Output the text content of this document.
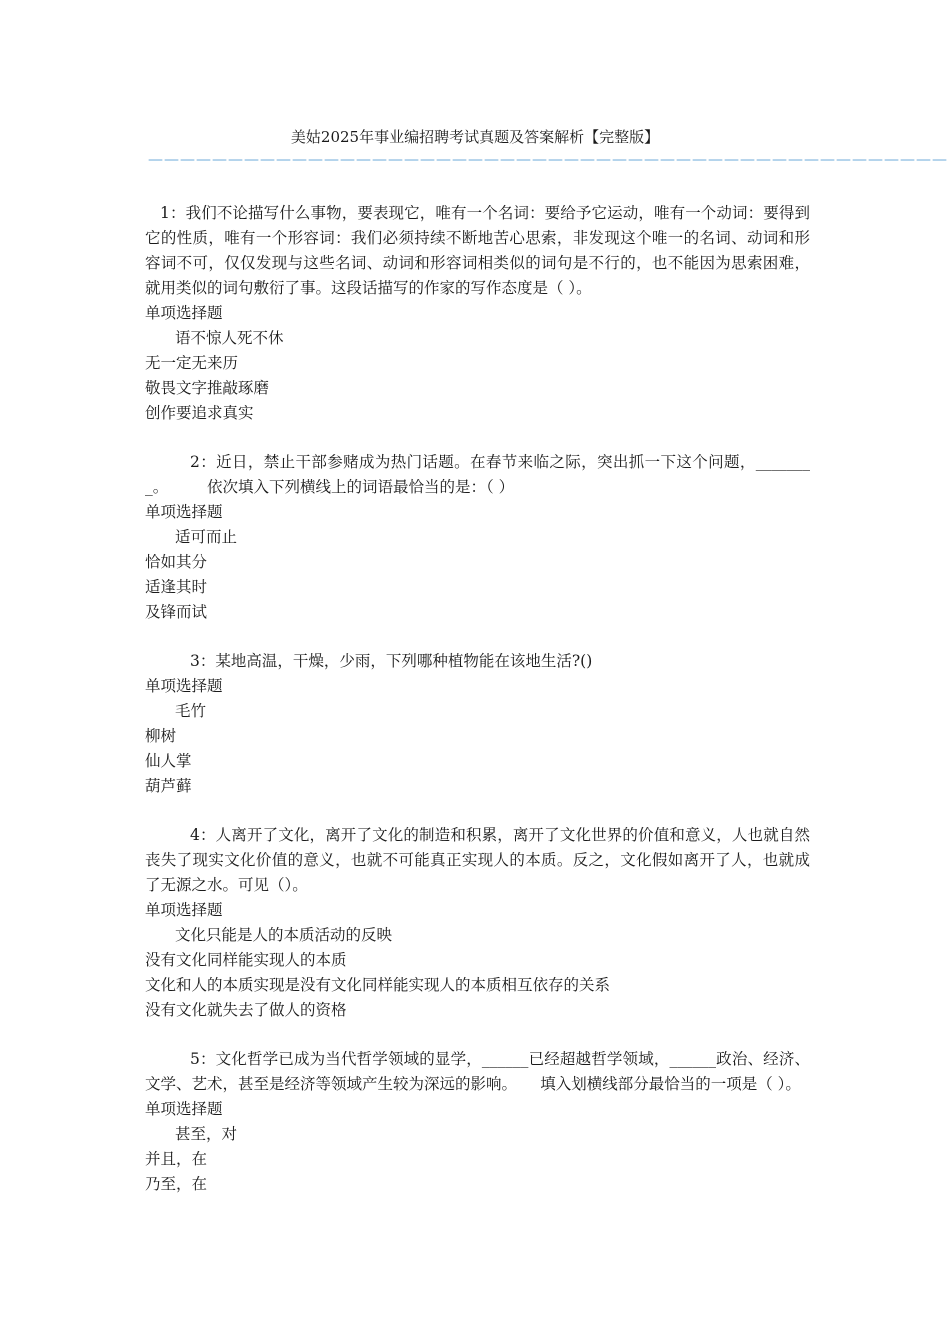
美姑2025年事业编招聘考试真题及答案解析【完整版】
——————————————————————————————————————————————————

1：我们不论描写什么事物，要表现它，唯有一个名词：要给予它运动，唯有一个动词：要得到它的性质，唯有一个形容词：我们必须持续不断地苦心思索，非发现这个唯一的名词、动词和形容词不可，仅仅发现与这些名词、动词和形容词相类似的词句是不行的，也不能因为思索困难，就用类似的词句敷衍了事。这段话描写的作家的写作态度是（ ）。

单项选择题

语不惊人死不休

无一定无来历

敬畏文字推敲琢磨

创作要追求真实

2：近日，禁止干部参赌成为热门话题。在春节来临之际，突出抓一下这个问题，________。　　　依次填入下列横线上的词语最恰当的是：（ ）

单项选择题

适可而止

恰如其分

适逢其时

及锋而试

3：某地高温，干燥，少雨，下列哪种植物能在该地生活?()

单项选择题

毛竹

柳树

仙人掌

葫芦藓

4：人离开了文化，离开了文化的制造和积累，离开了文化世界的价值和意义，人也就自然丧失了现实文化价值的意义，也就不可能真正实现人的本质。反之，文化假如离开了人，也就成了无源之水。可见（）。

单项选择题

文化只能是人的本质活动的反映

没有文化同样能实现人的本质

文化和人的本质实现是没有文化同样能实现人的本质相互依存的关系

没有文化就失去了做人的资格

5：文化哲学已成为当代哲学领域的显学，______已经超越哲学领域，______政治、经济、文学、艺术，甚至是经济等领域产生较为深远的影响。　　填入划横线部分最恰当的一项是（ ）。

单项选择题

甚至，对

并且，在

乃至，在
